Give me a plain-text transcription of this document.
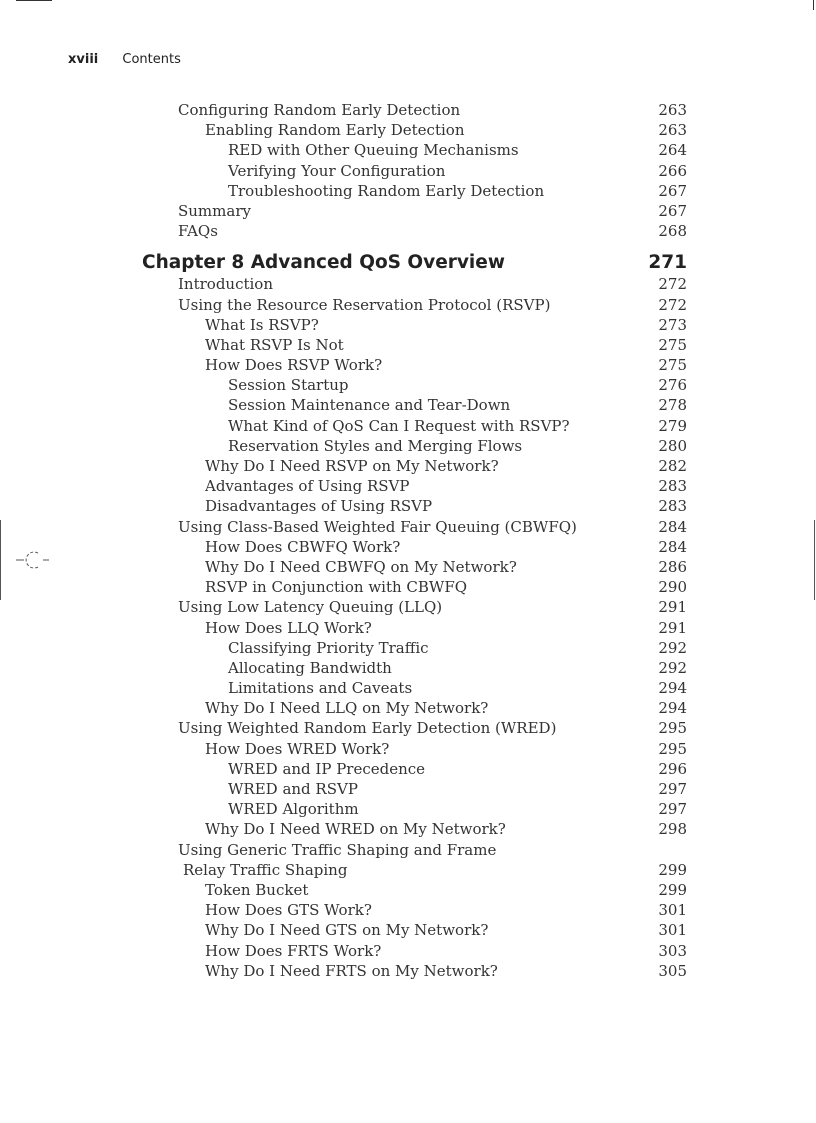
xviii Contents
Configuring Random Early Detection	263
Enabling Random Early Detection	263
RED with Other Queuing Mechanisms	264
Verifying Your Configuration	266
Troubleshooting Random Early Detection	267
Summary	267
FAQs	268
Chapter 8 Advanced QoS Overview	271
Introduction	272
Using the Resource Reservation Protocol (RSVP)	272
What Is RSVP?	273
What RSVP Is Not	275
How Does RSVP Work?	275
Session Startup	276
Session Maintenance and Tear-Down	278
What Kind of QoS Can I Request with RSVP?	279
Reservation Styles and Merging Flows	280
Why Do I Need RSVP on My Network?	282
Advantages of Using RSVP	283
Disadvantages of Using RSVP	283
Using Class-Based Weighted Fair Queuing (CBWFQ)	284
How Does CBWFQ Work?	284
Why Do I Need CBWFQ on My Network?	286
RSVP in Conjunction with CBWFQ	290
Using Low Latency Queuing (LLQ)	291
How Does LLQ Work?	291
Classifying Priority Traffic	292
Allocating Bandwidth	292
Limitations and Caveats	294
Why Do I Need LLQ on My Network?	294
Using Weighted Random Early Detection (WRED)	295
How Does WRED Work?	295
WRED and IP Precedence	296
WRED and RSVP	297
WRED Algorithm	297
Why Do I Need WRED on My Network?	298
Using Generic Traffic Shaping and Frame
Relay Traffic Shaping	299
Token Bucket	299
How Does GTS Work?	301
Why Do I Need GTS on My Network?	301
How Does FRTS Work?	303
Why Do I Need FRTS on My Network?	305
